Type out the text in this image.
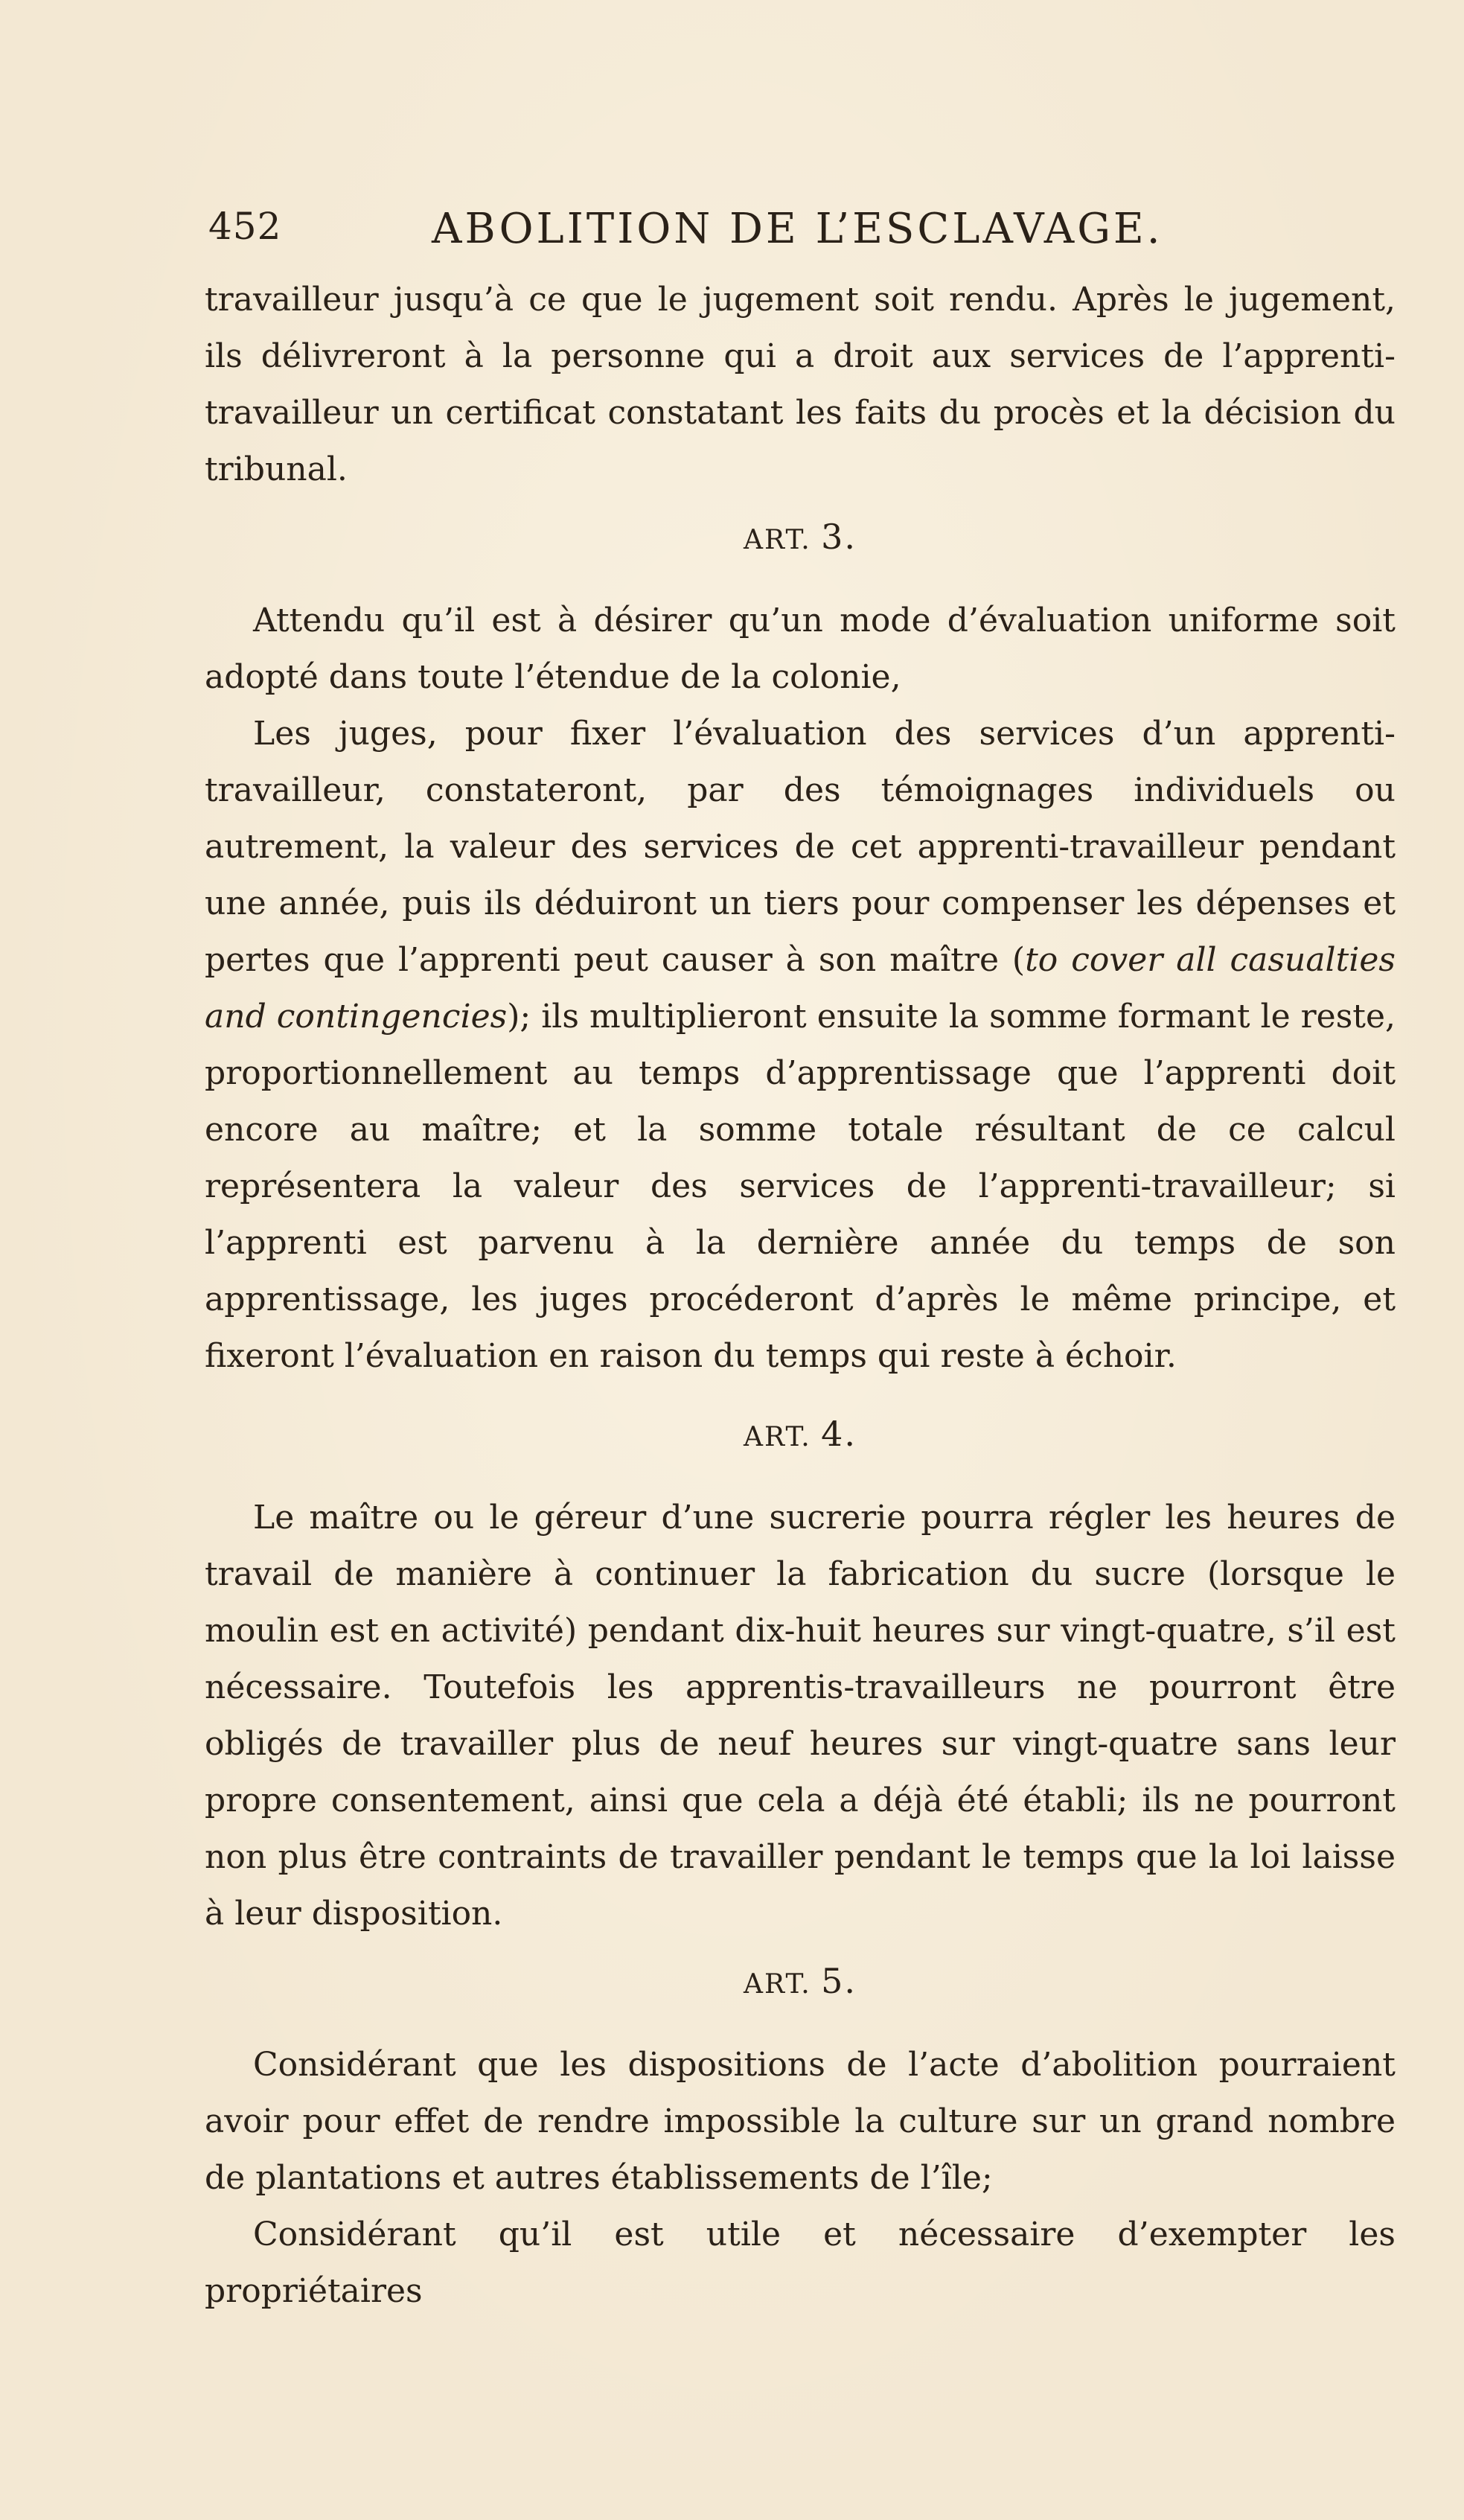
452	ABOLITION DE L’ESCLAVAGE.

travailleur jusqu’à ce que le jugement soit rendu. Après le jugement, ils délivreront à la personne qui a droit aux services de l’apprenti-travailleur un certificat constatant les faits du procès et la décision du tribunal.

ART. 3.

Attendu qu’il est à désirer qu’un mode d’évaluation uniforme soit adopté dans toute l’étendue de la colonie,

Les juges, pour fixer l’évaluation des services d’un apprenti-travailleur, constateront, par des témoignages individuels ou autrement, la valeur des services de cet apprenti-travailleur pendant une année, puis ils déduiront un tiers pour compenser les dépenses et pertes que l’apprenti peut causer à son maître (to cover all casualties and contingencies); ils multiplieront ensuite la somme formant le reste, proportionnellement au temps d’apprentissage que l’apprenti doit encore au maître; et la somme totale résultant de ce calcul représentera la valeur des services de l’apprenti-travailleur; si l’apprenti est parvenu à la dernière année du temps de son apprentissage, les juges procéderont d’après le même principe, et fixeront l’évaluation en raison du temps qui reste à échoir.

ART. 4.

Le maître ou le géreur d’une sucrerie pourra régler les heures de travail de manière à continuer la fabrication du sucre (lorsque le moulin est en activité) pendant dix-huit heures sur vingt-quatre, s’il est nécessaire. Toutefois les apprentis-travailleurs ne pourront être obligés de travailler plus de neuf heures sur vingt-quatre sans leur propre consentement, ainsi que cela a déjà été établi; ils ne pourront non plus être contraints de travailler pendant le temps que la loi laisse à leur disposition.

ART. 5.

Considérant que les dispositions de l’acte d’abolition pourraient avoir pour effet de rendre impossible la culture sur un grand nombre de plantations et autres établissements de l’île;

Considérant qu’il est utile et nécessaire d’exempter les propriétaires
